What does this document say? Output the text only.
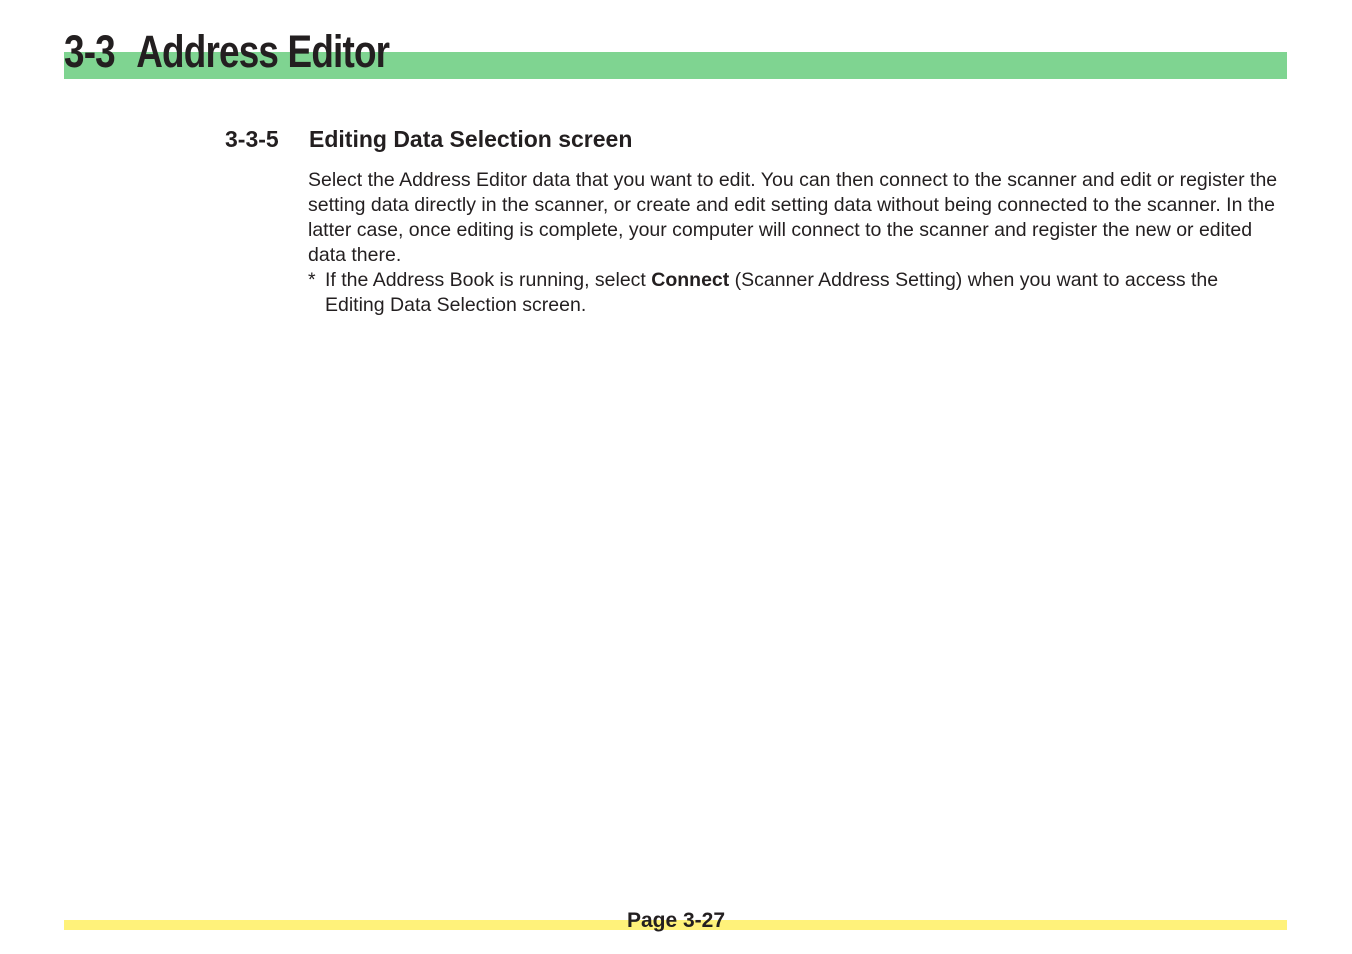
3-3 Address Editor
3-3-5 Editing Data Selection screen

Select the Address Editor data that you want to edit. You can then connect to the scanner and edit or register the setting data directly in the scanner, or create and edit setting data without being connected to the scanner. In the latter case, once editing is complete, your computer will connect to the scanner and register the new or edited data there.

* If the Address Book is running, select Connect (Scanner Address Setting) when you want to access the Editing Data Selection screen.

Page 3-27
